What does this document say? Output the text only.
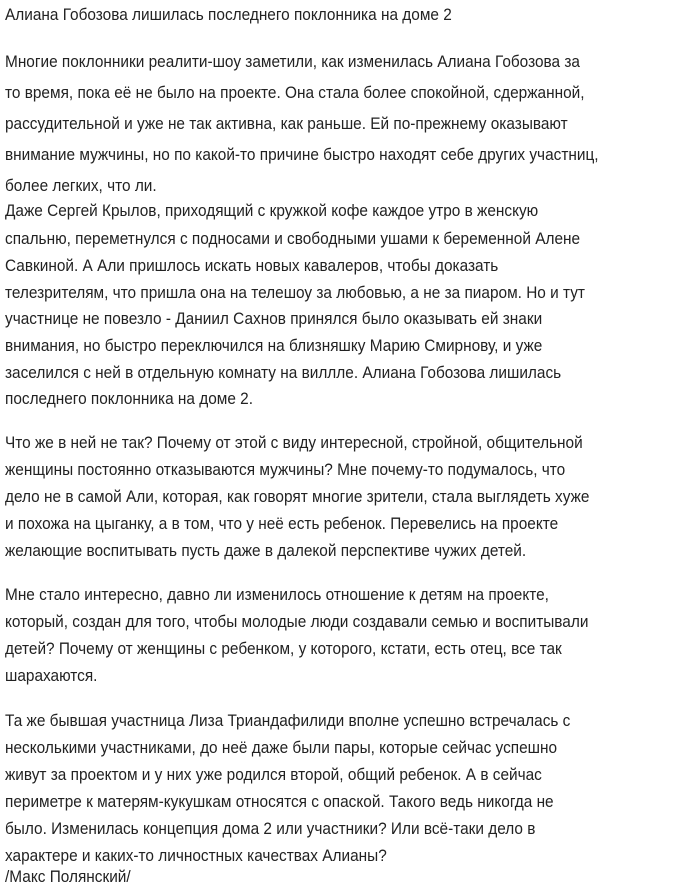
Алиана Гобозова лишилась последнего поклонника на доме 2
Многие поклонники реалити-шоу заметили, как изменилась Алиана Гобозова за
то время, пока её не было на проекте. Она стала более спокойной, сдержанной,
рассудительной и уже не так активна, как раньше. Ей по-прежнему оказывают
внимание мужчины, но по какой-то причине быстро находят себе других участниц,
более легких, что ли.
Даже Сергей Крылов, приходящий с кружкой кофе каждое утро в женскую
спальню, переметнулся с подносами и свободными ушами к беременной Алене
Савкиной. А Али пришлось искать новых кавалеров, чтобы доказать
телезрителям, что пришла она на телешоу за любовью, а не за пиаром. Но и тут
участнице не повезло - Даниил Сахнов принялся было оказывать ей знаки
внимания, но быстро переключился на близняшку Марию Смирнову, и уже
заселился с ней в отдельную комнату на виллле. Алиана Гобозова лишилась
последнего поклонника на доме 2.
Что же в ней не так? Почему от этой с виду интересной, стройной, общительной
женщины постоянно отказываются мужчины? Мне почему-то подумалось, что
дело не в самой Али, которая, как говорят многие зрители, стала выглядеть хуже
и похожа на цыганку, а в том, что у неё есть ребенок. Перевелись на проекте
желающие воспитывать пусть даже в далекой перспективе чужих детей.
Мне стало интересно, давно ли изменилось отношение к детям на проекте,
который, создан для того, чтобы молодые люди создавали семью и воспитывали
детей? Почему от женщины с ребенком, у которого, кстати, есть отец, все так
шарахаются.
Та же бывшая участница Лиза Триандафилиди вполне успешно встречалась с
несколькими участниками, до неё даже были пары, которые сейчас успешно
живут за проектом и у них уже родился второй, общий ребенок. А в сейчас
периметре к матерям-кукушкам относятся с опаской. Такого ведь никогда не
было. Изменилась концепция дома 2 или участники? Или всё-таки дело в
характере и каких-то личностных качествах Алианы?
/Макс Полянский/
